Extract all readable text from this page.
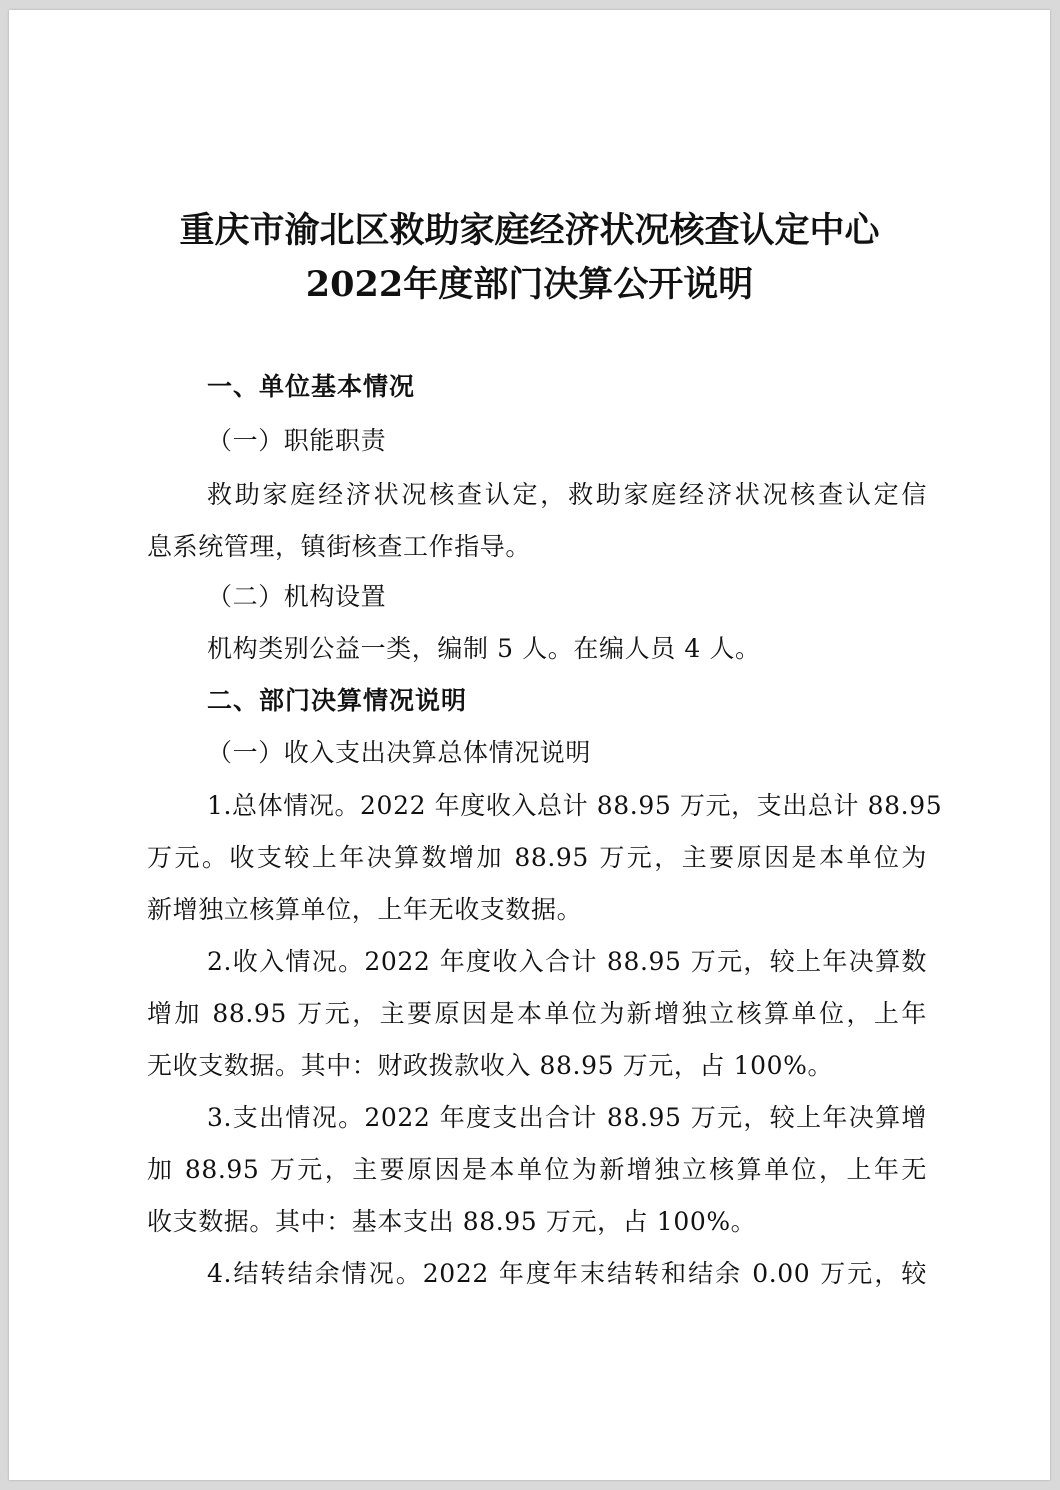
重庆市渝北区救助家庭经济状况核查认定中心
2022年度部门决算公开说明
一、单位基本情况
（一）职能职责
救助家庭经济状况核查认定，救助家庭经济状况核查认定信
息系统管理，镇街核查工作指导。
（二）机构设置
机构类别公益一类，编制 5 人。在编人员 4 人。
二、部门决算情况说明
（一）收入支出决算总体情况说明
1.总体情况。2022 年度收入总计 88.95 万元，支出总计 88.95
万元。收支较上年决算数增加 88.95 万元，主要原因是本单位为
新增独立核算单位，上年无收支数据。
2.收入情况。2022 年度收入合计 88.95 万元，较上年决算数
增加 88.95 万元，主要原因是本单位为新增独立核算单位，上年
无收支数据。其中：财政拨款收入 88.95 万元，占 100%。
3.支出情况。2022 年度支出合计 88.95 万元，较上年决算增
加 88.95 万元，主要原因是本单位为新增独立核算单位，上年无
收支数据。其中：基本支出 88.95 万元，占 100%。
4.结转结余情况。2022 年度年末结转和结余 0.00 万元，较
